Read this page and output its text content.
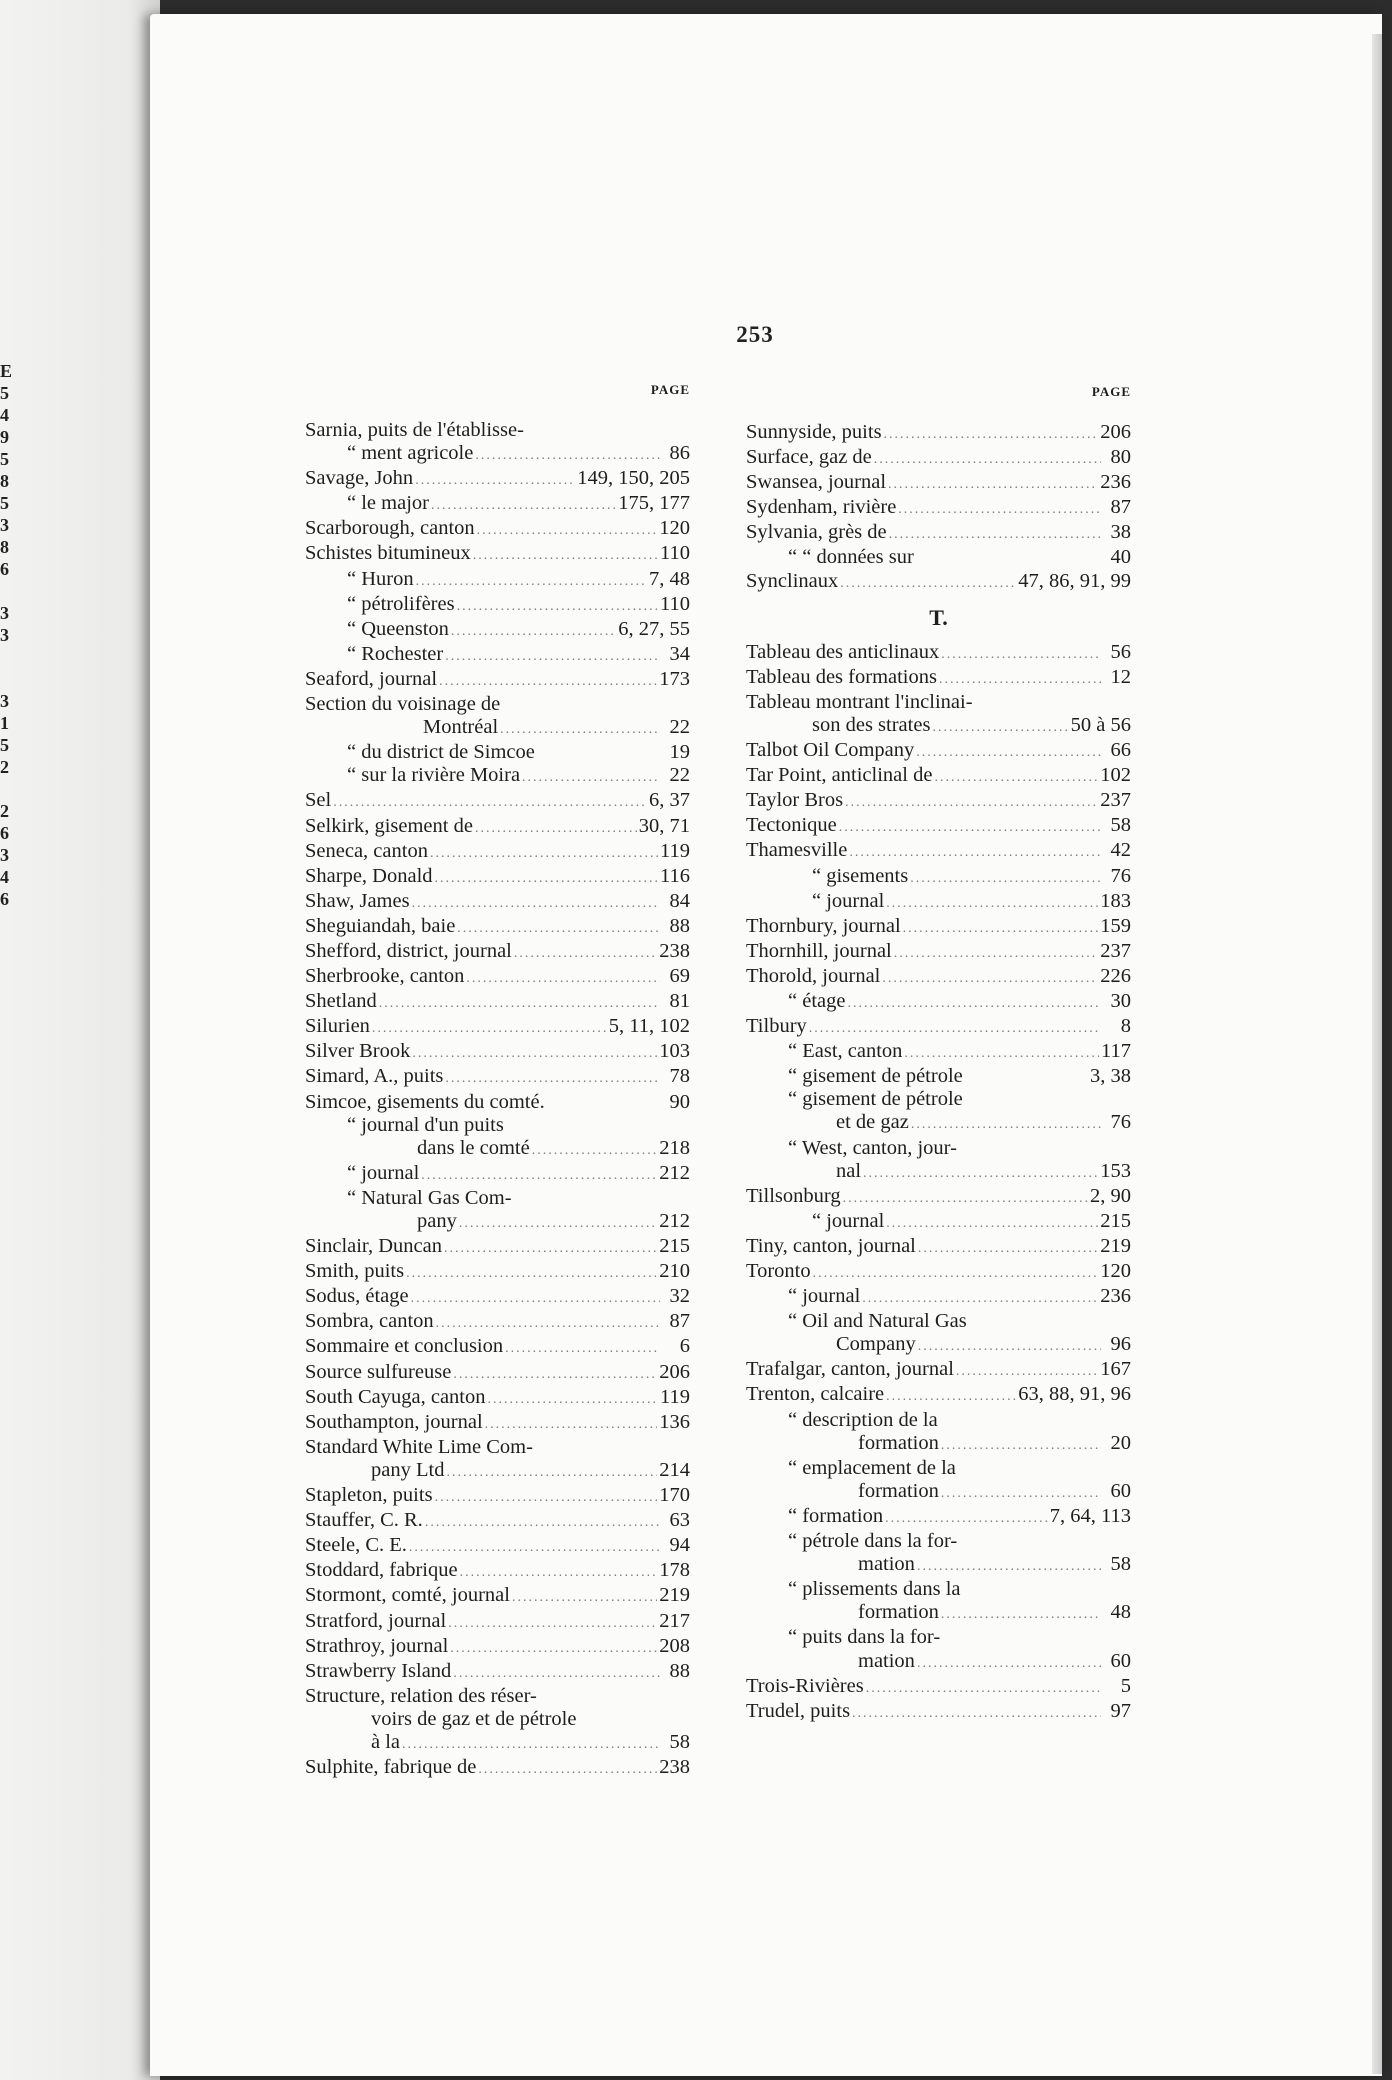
E
5
4
9
5
8
5
3
8
6
3
3
3
1
5
2
2
6
3
4
6
253
PAGE
Sarnia, puits de l'établisse-
“ ment agricole .....	86
Savage, John .....	149, 150, 205
“ le major .....	175, 177
Scarborough, canton .....	120
Schistes bitumineux .....	110
“ Huron .....	7, 48
“ pétrolifères .....	110
“ Queenston .....	6, 27, 55
“ Rochester .....	34
Seaford, journal .....	173
Section du voisinage de
Montréal .....	22
“ du district de Simcoe	19
“ sur la rivière Moira .....	22
Sel .....	6, 37
Selkirk, gisement de .....	30, 71
Seneca, canton .....	119
Sharpe, Donald .....	116
Shaw, James .....	84
Sheguiandah, baie .....	88
Shefford, district, journal .....	238
Sherbrooke, canton .....	69
Shetland .....	81
Silurien .....	5, 11, 102
Silver Brook .....	103
Simard, A., puits .....	78
Simcoe, gisements du comté.	90
“ journal d'un puits
dans le comté .....	218
“ journal .....	212
“ Natural Gas Com-
pany .....	212
Sinclair, Duncan .....	215
Smith, puits .....	210
Sodus, étage .....	32
Sombra, canton .....	87
Sommaire et conclusion .....	6
Source sulfureuse .....	206
South Cayuga, canton .....	119
Southampton, journal .....	136
Standard White Lime Com-
pany Ltd .....	214
Stapleton, puits .....	170
Stauffer, C. R. .....	63
Steele, C. E. .....	94
Stoddard, fabrique .....	178
Stormont, comté, journal .....	219
Stratford, journal .....	217
Strathroy, journal .....	208
Strawberry Island .....	88
Structure, relation des réser-
voirs de gaz et de pétrole
à la .....	58
Sulphite, fabrique de .....	238
PAGE
Sunnyside, puits .....	206
Surface, gaz de .....	80
Swansea, journal .....	236
Sydenham, rivière .....	87
Sylvania, grès de .....	38
“ “ données sur	40
Synclinaux .....	47, 86, 91, 99
T.
Tableau des anticlinaux .....	56
Tableau des formations .....	12
Tableau montrant l'inclinai-
son des strates .....	50 à 56
Talbot Oil Company .....	66
Tar Point, anticlinal de .....	102
Taylor Bros .....	237
Tectonique .....	58
Thamesville .....	42
“ gisements .....	76
“ journal .....	183
Thornbury, journal .....	159
Thornhill, journal .....	237
Thorold, journal .....	226
“ étage .....	30
Tilbury .....	8
“ East, canton .....	117
“ gisement de pétrole	3, 38
“ gisement de pétrole
et de gaz .....	76
“ West, canton, jour-
nal .....	153
Tillsonburg .....	2, 90
“ journal .....	215
Tiny, canton, journal .....	219
Toronto .....	120
“ journal .....	236
“ Oil and Natural Gas
Company .....	96
Trafalgar, canton, journal .....	167
Trenton, calcaire .....	63, 88, 91, 96
“ description de la
formation .....	20
“ emplacement de la
formation .....	60
“ formation .....	7, 64, 113
“ pétrole dans la for-
mation .....	58
“ plissements dans la
formation .....	48
“ puits dans la for-
mation .....	60
Trois-Rivières .....	5
Trudel, puits .....	97
